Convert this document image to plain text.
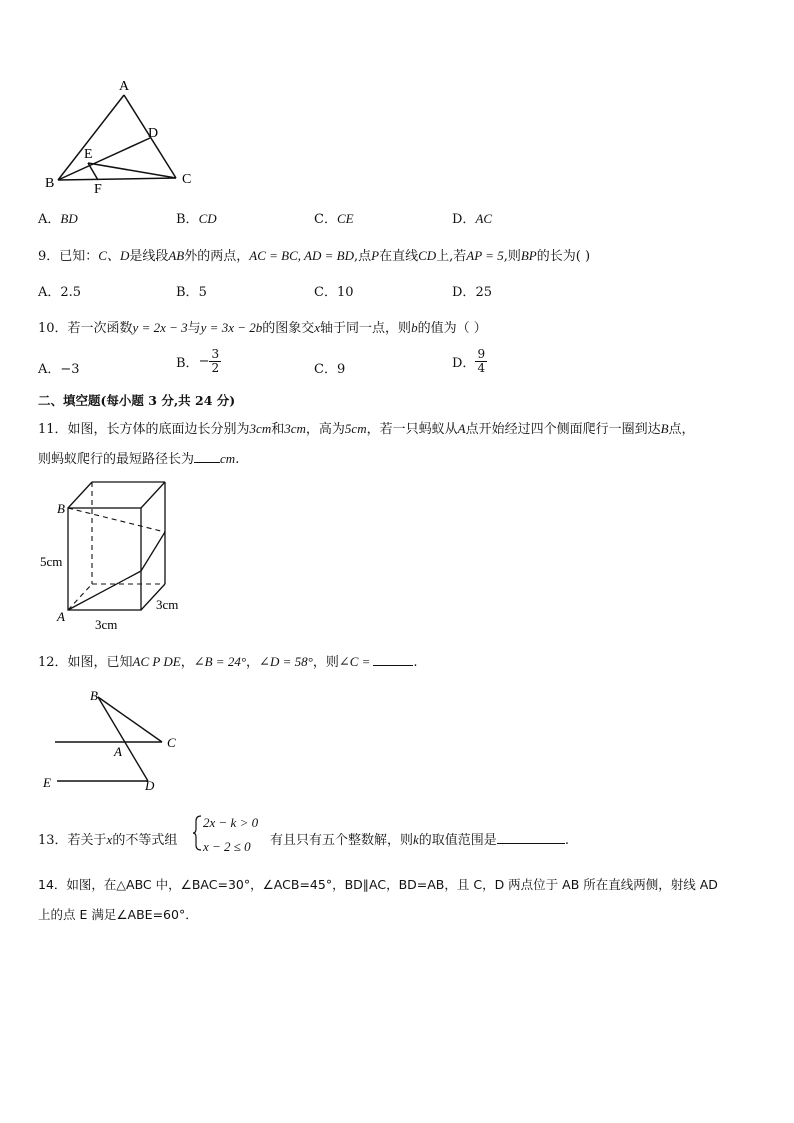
A
D
E
B	F
C
A．BD	B．CD	C．CE	D．AC
9．已知：C、D是线段AB外的两点，AC = BC, AD = BD,点P在直线CD上,若AP = 5,则BP的长为( )
A．2.5	B．5	C．10	D．25
10．若一次函数y = 2x − 3与y = 3x − 2b的图象交x轴于同一点，则b的值为（ ）
A．−3	B．− $\frac{3}{2}$	C．9	D． $\frac{9}{4}$
二、填空题(每小题 3 分,共 24 分)
11．如图，长方体的底面边长分别为3cm和3cm，高为5cm，若一只蚂蚁从A点开始经过四个侧面爬行一圈到达B点，
则蚂蚁爬行的最短路径长为 cm.
B
A
5cm
3cm
3cm
12．如图，已知AC P DE，∠B = 24°，∠D = 58°，则∠C =	.
B
C
A
E	D
13．若关于x的不等式组
2x − k > 0
x − 2 ≤ 0 有且只有五个整数解，则k的取值范围是	.
14．如图，在△ABC 中，∠BAC=30°，∠ACB=45°，BD∥AC，BD=AB，且 C，D 两点位于 AB 所在直线两侧，射线 AD
上的点 E 满足∠ABE=60°．
